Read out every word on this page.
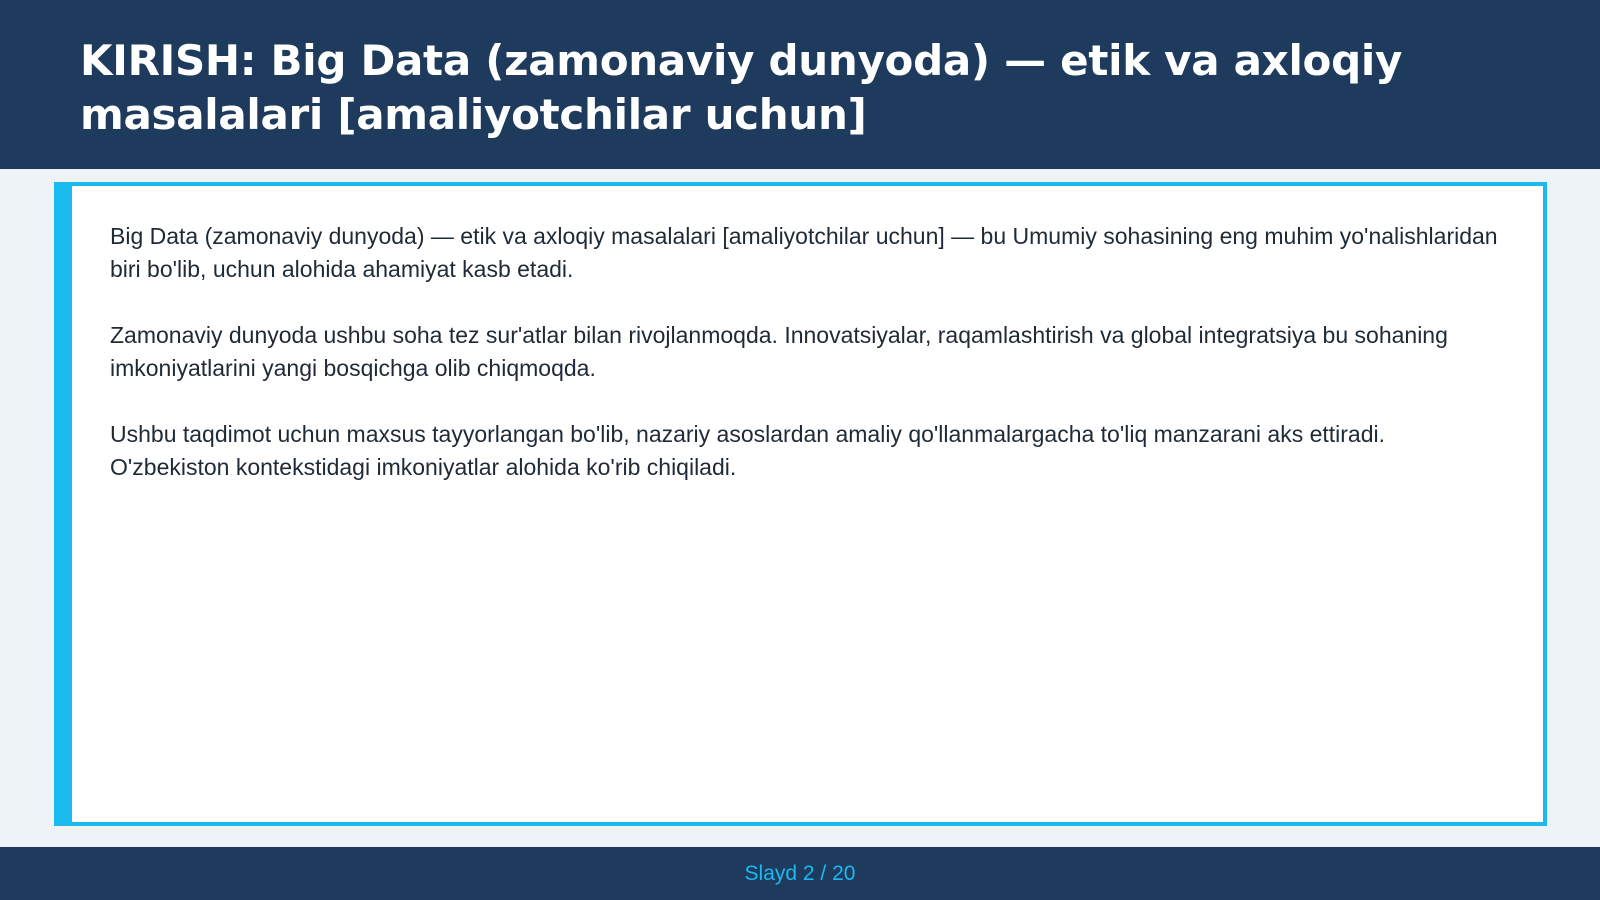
KIRISH: Big Data (zamonaviy dunyoda) — etik va axloqiy masalalari [amaliyotchilar uchun]

Big Data (zamonaviy dunyoda) — etik va axloqiy masalalari [amaliyotchilar uchun] — bu Umumiy sohasining eng muhim yo'nalishlaridan biri bo'lib, uchun alohida ahamiyat kasb etadi.

Zamonaviy dunyoda ushbu soha tez sur'atlar bilan rivojlanmoqda. Innovatsiyalar, raqamlashtirish va global integratsiya bu sohaning imkoniyatlarini yangi bosqichga olib chiqmoqda.

Ushbu taqdimot uchun maxsus tayyorlangan bo'lib, nazariy asoslardan amaliy qo'llanmalargacha to'liq manzarani aks ettiradi. O'zbekiston kontekstidagi imkoniyatlar alohida ko'rib chiqiladi.

Slayd 2 / 20
